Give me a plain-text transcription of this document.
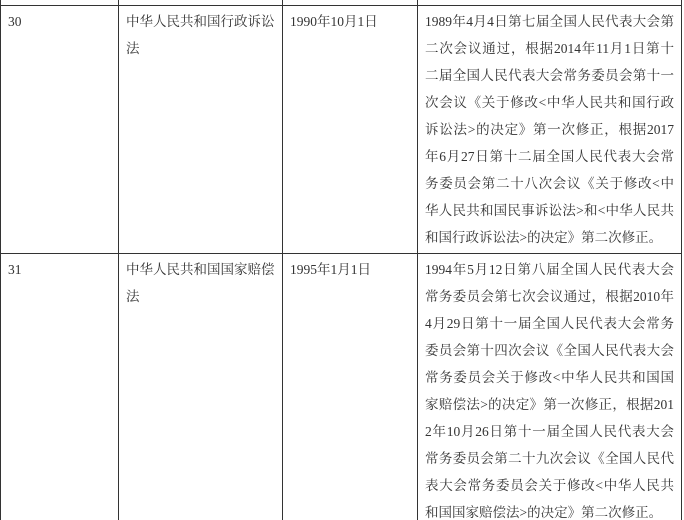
30	中华人民共和国行政诉讼法	1990年10月1日	1989年4月4日第七届全国人民代表大会第二次会议通过，根据2014年11月1日第十二届全国人民代表大会常务委员会第十一次会议《关于修改<中华人民共和国行政诉讼法>的决定》第一次修正，根据2017年6月27日第十二届全国人民代表大会常务委员会第二十八次会议《关于修改<中华人民共和国民事诉讼法>和<中华人民共和国行政诉讼法>的决定》第二次修正。
31	中华人民共和国国家赔偿法	1995年1月1日	1994年5月12日第八届全国人民代表大会常务委员会第七次会议通过，根据2010年4月29日第十一届全国人民代表大会常务委员会第十四次会议《全国人民代表大会常务委员会关于修改<中华人民共和国国家赔偿法>的决定》第一次修正，根据2012年10月26日第十一届全国人民代表大会常务委员会第二十九次会议《全国人民代表大会常务委员会关于修改<中华人民共和国国家赔偿法>的决定》第二次修正。
